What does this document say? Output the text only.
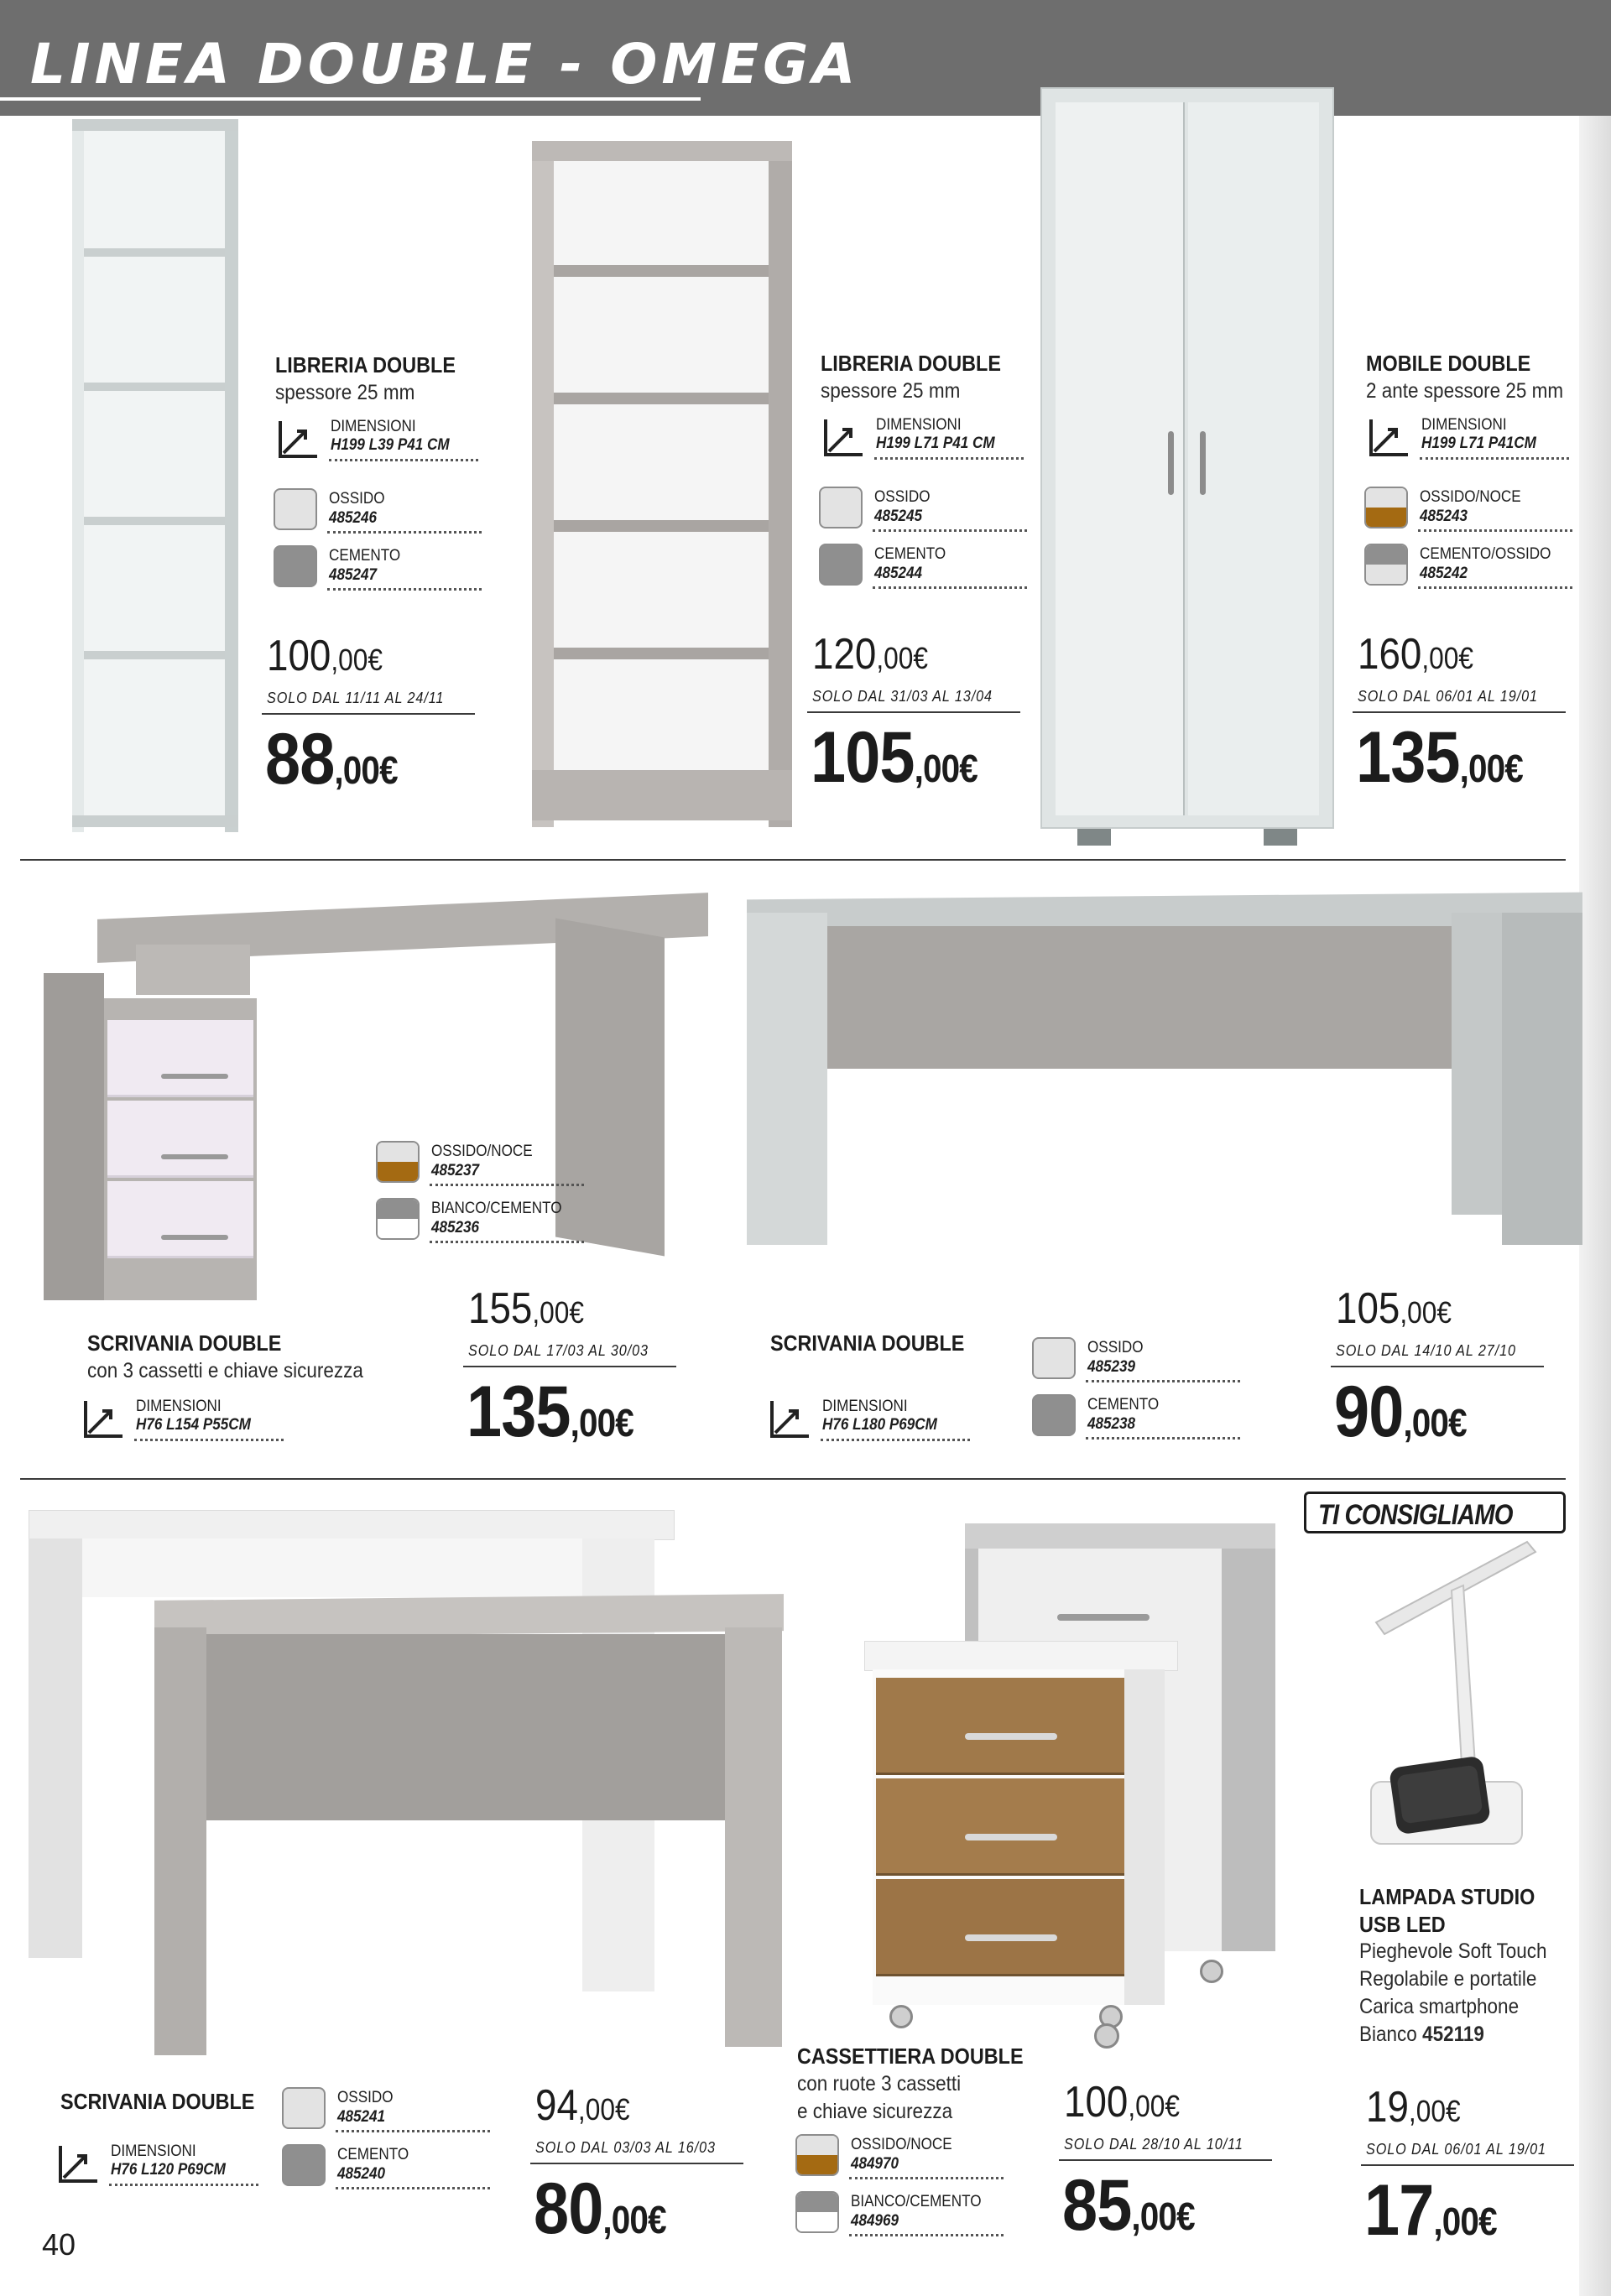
LINEA DOUBLE - OMEGA
LIBRERIA DOUBLE
spessore 25 mm
DIMENSIONI
H199 L39 P41 CM
OSSIDO
485246
CEMENTO
485247
100,00€
SOLO DAL 11/11 AL 24/11
88,00€
LIBRERIA DOUBLE
spessore 25 mm
DIMENSIONI
H199 L71 P41 CM
OSSIDO
485245
CEMENTO
485244
120,00€
SOLO DAL 31/03 AL 13/04
105,00€
MOBILE DOUBLE
2 ante spessore 25 mm
DIMENSIONI
H199 L71 P41CM
OSSIDO/NOCE
485243
CEMENTO/OSSIDO
485242
160,00€
SOLO DAL 06/01 AL 19/01
135,00€
OSSIDO/NOCE
485237
BIANCO/CEMENTO
485236
SCRIVANIA DOUBLE
con 3 cassetti e chiave sicurezza
DIMENSIONI
H76 L154 P55CM
155,00€
SOLO DAL 17/03 AL 30/03
135,00€
SCRIVANIA DOUBLE
DIMENSIONI
H76 L180 P69CM
OSSIDO
485239
CEMENTO
485238
105,00€
SOLO DAL 14/10 AL 27/10
90,00€
TI CONSIGLIAMO
SCRIVANIA DOUBLE
DIMENSIONI
H76 L120 P69CM
OSSIDO
485241
CEMENTO
485240
94,00€
SOLO DAL 03/03 AL 16/03
80,00€
CASSETTIERA DOUBLE
con ruote 3 cassetti
e chiave sicurezza
OSSIDO/NOCE
484970
BIANCO/CEMENTO
484969
100,00€
SOLO DAL 28/10 AL 10/11
85,00€
LAMPADA STUDIO
USB LED
Pieghevole Soft Touch
Regolabile e portatile
Carica smartphone
Bianco 452119
19,00€
SOLO DAL 06/01 AL 19/01
17,00€
40
